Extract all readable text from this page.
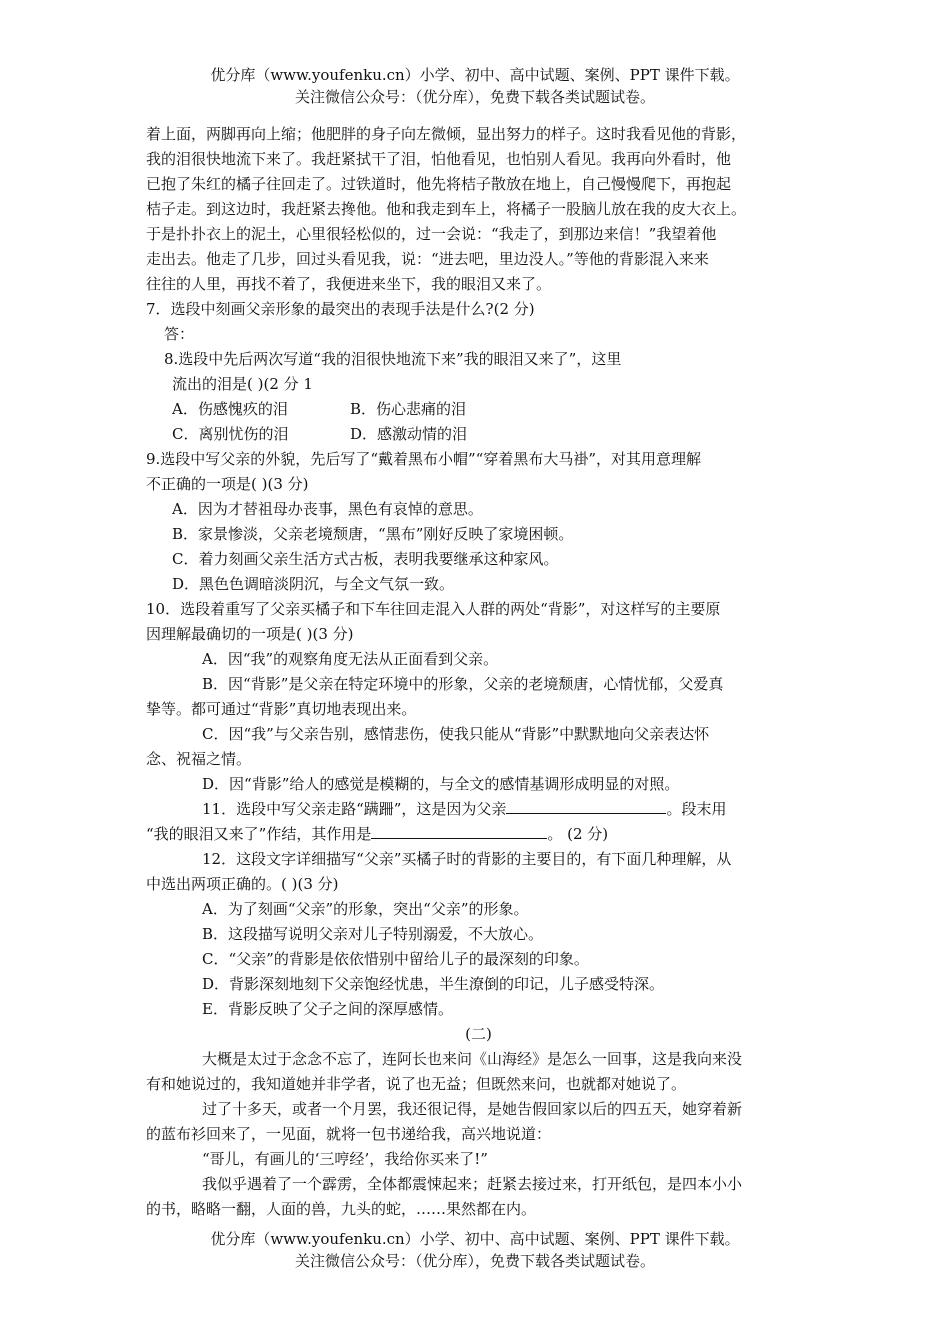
优分库（www.youfenku.cn）小学、初中、高中试题、案例、PPT 课件下载。
关注微信公众号：（优分库），免费下载各类试题试卷。

着上面，两脚再向上缩；他肥胖的身子向左微倾，显出努力的样子。这时我看见他的背影，

我的泪很快地流下来了。我赶紧拭干了泪，怕他看见，也怕别人看见。我再向外看时，他

已抱了朱红的橘子往回走了。过铁道时，他先将桔子散放在地上，自己慢慢爬下，再抱起

桔子走。到这边时，我赶紧去搀他。他和我走到车上，将橘子一股脑儿放在我的皮大衣上。

于是扑扑衣上的泥土，心里很轻松似的，过一会说：“我走了，到那边来信！”我望着他

走出去。他走了几步，回过头看见我，说：“进去吧，里边没人。”等他的背影混入来来

往往的人里，再找不着了，我便进来坐下，我的眼泪又来了。

7．选段中刻画父亲形象的最突出的表现手法是什么?(2 分)

答：

8.选段中先后两次写道“我的泪很快地流下来”我的眼泪又来了”，这里

流出的泪是( )(2 分 1

A．伤感愧疚的泪	B．伤心悲痛的泪
C．离别忧伤的泪	D．感激动情的泪

9.选段中写父亲的外貌，先后写了“戴着黑布小帽”“穿着黑布大马褂”，对其用意理解

不正确的一项是( )(3 分)

A．因为才替祖母办丧事，黑色有哀悼的意思。

B．家景惨淡，父亲老境颓唐，“黑布”刚好反映了家境困顿。

C．着力刻画父亲生活方式古板，表明我要继承这种家风。

D．黑色色调暗淡阴沉，与全文气氛一致。

10．选段着重写了父亲买橘子和下车往回走混入人群的两处“背影”，对这样写的主要原

因理解最确切的一项是( )(3 分)

A．因“我”的观察角度无法从正面看到父亲。

B．因“背影”是父亲在特定环境中的形象，父亲的老境颓唐，心情忧郁，父爱真

挚等。都可通过“背影”真切地表现出来。

C．因“我”与父亲告别，感情悲伤，使我只能从“背影”中默默地向父亲表达怀

念、祝福之情。

D．因“背影”给人的感觉是模糊的，与全文的感情基调形成明显的对照。

11．选段中写父亲走路“蹒跚”，这是因为父亲	。段末用

“我的眼泪又来了”作结，其作用是	。 (2 分)

12．这段文字详细描写“父亲”买橘子时的背影的主要目的，有下面几种理解，从

中选出两项正确的。( )(3 分)

A．为了刻画“父亲”的形象，突出“父亲”的形象。

B．这段描写说明父亲对儿子特别溺爱，不大放心。

C．“父亲”的背影是依依惜别中留给儿子的最深刻的印象。

D．背影深刻地刻下父亲饱经忧患，半生潦倒的印记，儿子感受特深。

E．背影反映了父子之间的深厚感情。

(二)

大概是太过于念念不忘了，连阿长也来问《山海经》是怎么一回事，这是我向来没

有和她说过的，我知道她并非学者，说了也无益；但既然来问，也就都对她说了。

过了十多天，或者一个月罢，我还很记得，是她告假回家以后的四五天，她穿着新

的蓝布衫回来了，一见面，就将一包书递给我，高兴地说道：

“哥儿，有画儿的‘三哼经’，我给你买来了!”

我似乎遇着了一个霹雳，全体都震悚起来；赶紧去接过来，打开纸包，是四本小小

的书，略略一翻，人面的兽，九头的蛇，……果然都在内。

优分库（www.youfenku.cn）小学、初中、高中试题、案例、PPT 课件下载。
关注微信公众号：（优分库），免费下载各类试题试卷。
